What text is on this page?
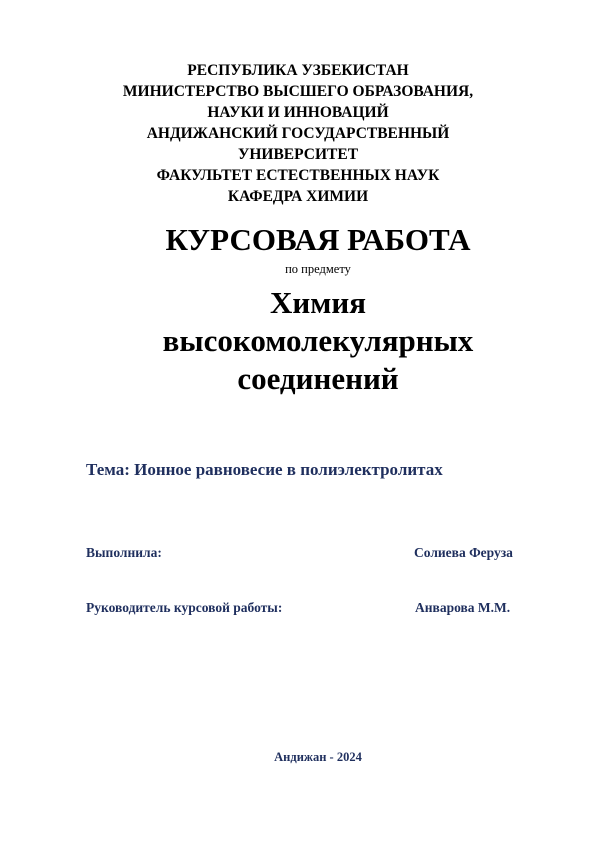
РЕСПУБЛИКА УЗБЕКИСТАН
МИНИСТЕРСТВО ВЫСШЕГО ОБРАЗОВАНИЯ,
НАУКИ И ИННОВАЦИЙ
АНДИЖАНСКИЙ ГОСУДАРСТВЕННЫЙ
УНИВЕРСИТЕТ
ФАКУЛЬТЕТ ЕСТЕСТВЕННЫХ НАУК
КАФЕДРА ХИМИИ
КУРСОВАЯ РАБОТА

по предмету

Химия
высокомолекулярных
соединений

Тема: Ионное равновесие в полиэлектролитах

Выполнила:	Солиева Феруза
Руководитель курсовой работы:	Анварова М.М.

Андижан - 2024
